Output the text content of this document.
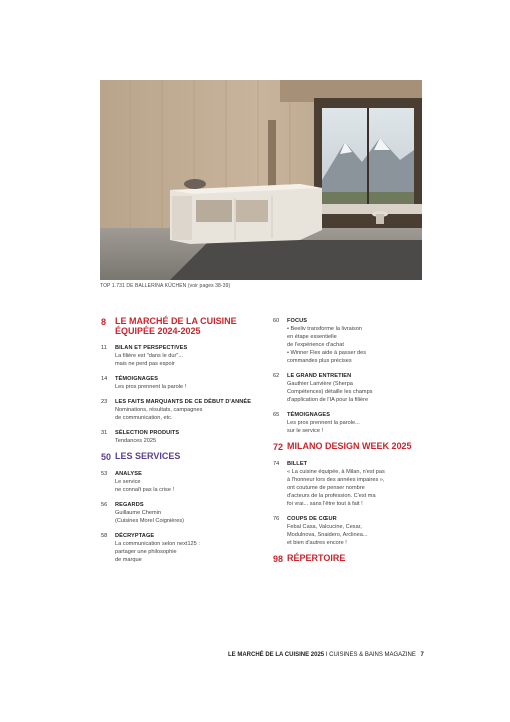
TOP 1.731 DE BALLERINA KÜCHEN (voir pages 38-39)
8 LE MARCHÉ DE LA CUISINE ÉQUIPÉE 2024-2025
11	BILAN ET PERSPECTIVES
La filière est "dans le dur"...
mais ne perd pas espoir
14	TÉMOIGNAGES
Les pros prennent la parole !
23	LES FAITS MARQUANTS DE CE DÉBUT D'ANNÉE
Nominations, résultats, campagnes
de communication, etc.
31	SÉLECTION PRODUITS
Tendances 2025
50 LES SERVICES
53	ANALYSE
Le service
ne connaît pas la crise !
56	REGARDS
Guillaume Chemin
(Cuisines Morel Coignières)
58	DÉCRYPTAGE
La communication selon next125 :
partager une philosophie
de marque
60	FOCUS
• Beeliv transforme la livraison
en étape essentielle
de l'expérience d'achat
• Winner Flex aide à passer des
commandes plus précises
62	LE GRAND ENTRETIEN
Gauthier Larivière (Sherpa
Compétences) détaille les champs
d'application de l'IA pour la filière
65	TÉMOIGNAGES
Les pros prennent la parole...
sur le service !
72 MILANO DESIGN WEEK 2025
74	BILLET
« La cuisine équipée, à Milan, n'est pas
à l'honneur lors des années impaires »,
ont coutume de penser nombre
d'acteurs de la profession. C'est ma
foi vrai... sans l'être tout à fait !
76	COUPS DE CŒUR
Febal Casa, Valcucine, Cesar,
Modulnova, Snaidero, Arclinea...
et bien d'autres encore !
98 RÉPERTOIRE
LE MARCHÉ DE LA CUISINE 2025 I CUISINES & BAINS MAGAZINE 7
